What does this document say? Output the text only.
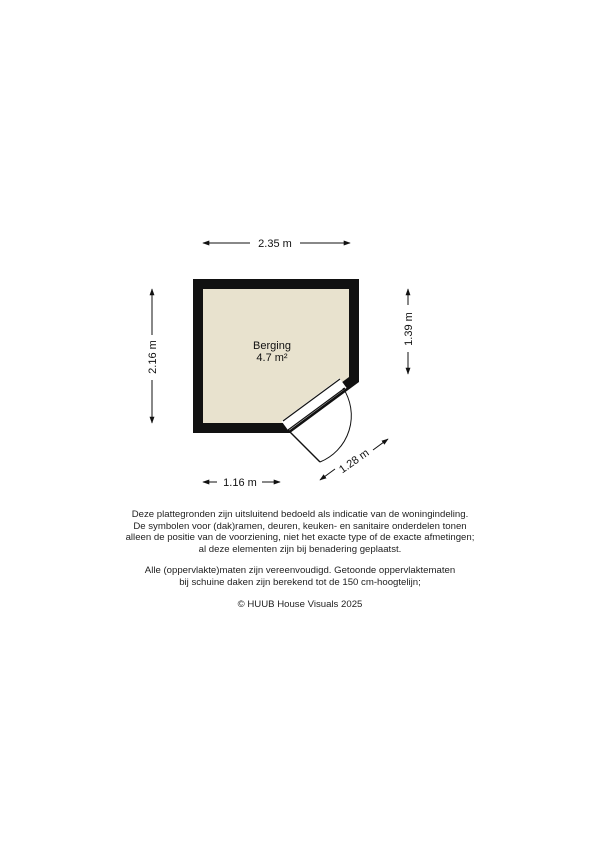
2.35 m
2.16 m
1.39 m
1.16 m
1.28 m
Berging
4.7 m²
Deze plattegronden zijn uitsluitend bedoeld als indicatie van de woningindeling.
De symbolen voor (dak)ramen, deuren, keuken- en sanitaire onderdelen tonen
alleen de positie van de voorziening, niet het exacte type of de exacte afmetingen;
al deze elementen zijn bij benadering geplaatst.
Alle (oppervlakte)maten zijn vereenvoudigd. Getoonde oppervlaktematen
bij schuine daken zijn berekend tot de 150 cm-hoogtelijn;
© HUUB House Visuals 2025
